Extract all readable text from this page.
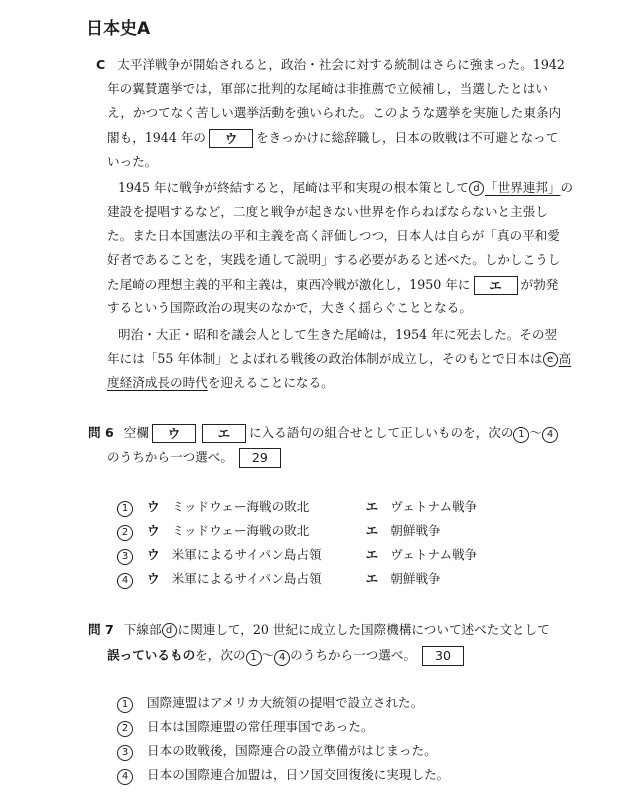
日本史A
C 太平洋戦争が開始されると，政治・社会に対する統制はさらに強まった。1942
年の翼賛選挙では，軍部に批判的な尾崎は非推薦で立候補し，当選したとはい
え，かつてなく苦しい選挙活動を強いられた。このような選挙を実施した東条内
閣も，1944 年の ウ をきっかけに総辞職し，日本の敗戦は不可避となって
いった。
1945 年に戦争が終結すると，尾崎は平和実現の根本策として d 「世界連邦」の
建設を提唱するなど，二度と戦争が起きない世界を作らねばならないと主張し
た。また日本国憲法の平和主義を高く評価しつつ，日本人は自らが「真の平和愛
好者であることを，実践を通して説明」する必要があると述べた。しかしこうし
た尾崎の理想主義的平和主義は，東西冷戦が激化し，1950 年に エ が勃発
するという国際政治の現実のなかで，大きく揺らぐこととなる。
明治・大正・昭和を議会人として生きた尾崎は，1954 年に死去した。その翌
年には「55 年体制」とよばれる戦後の政治体制が成立し，そのもとで日本は e 高
度経済成長の時代を迎えることになる。
問 6 空欄 ウ	エ に入る語句の組合せとして正しいものを，次の 1 〜 4
のうちから一つ選べ。 29
1 ウ ミッドウェー海戦の敗北	エ ヴェトナム戦争
2 ウ ミッドウェー海戦の敗北	エ 朝鮮戦争
3 ウ 米軍によるサイパン島占領	エ ヴェトナム戦争
4 ウ 米軍によるサイパン島占領	エ 朝鮮戦争
問 7 下線部 d に関連して，20 世紀に成立した国際機構について述べた文として
誤っているものを，次の 1 〜 4 のうちから一つ選べ。 30
1 国際連盟はアメリカ大統領の提唱で設立された。
2 日本は国際連盟の常任理事国であった。
3 日本の敗戦後，国際連合の設立準備がはじまった。
4 日本の国際連合加盟は，日ソ国交回復後に実現した。
